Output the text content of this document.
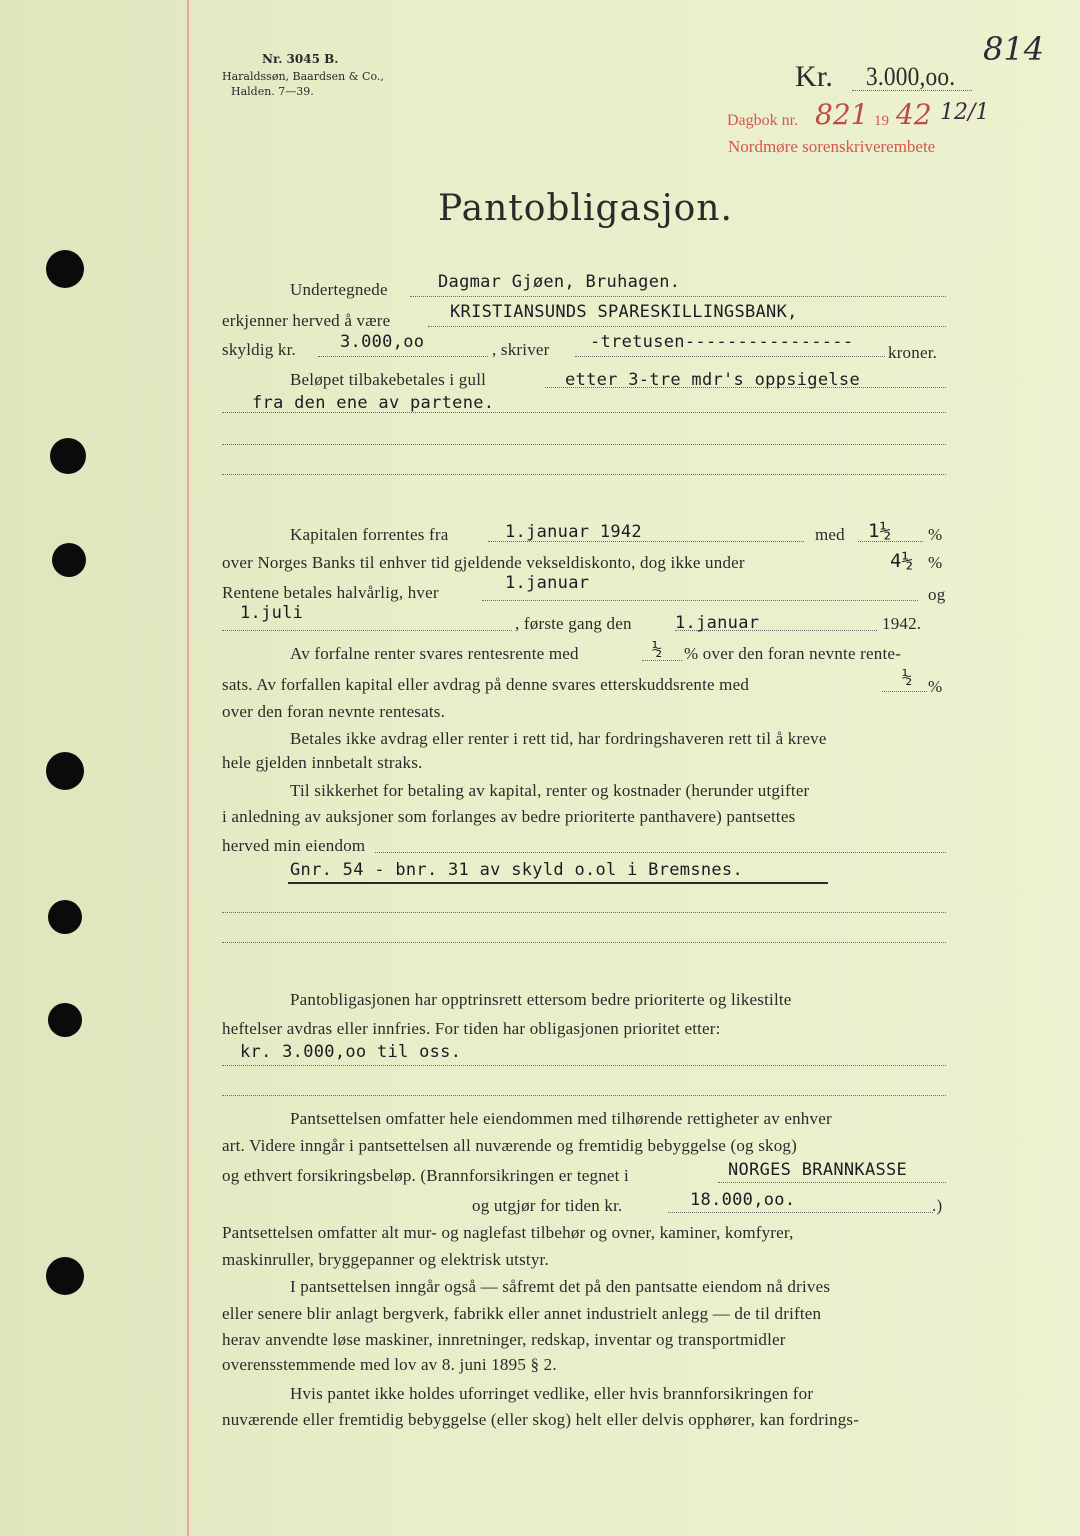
Nr. 3045 B.
Haraldssøn, Baardsen & Co.,
Halden. 7—39.	Kr. 3.000,oo.
814
Dagbok nr. 821 19 42 12/1
Nordmøre sorenskriverembete
Pantobligasjon.
Undertegnede	Dagmar Gjøen, Bruhagen.
erkjenner herved å være	KRISTIANSUNDS SPARESKILLINGSBANK,
skyldig kr.	3.000,oo	, skriver -tretusen----------------
kroner.
Beløpet tilbakebetales i gull	etter 3-tre mdr's oppsigelse
fra den ene av partene.
Kapitalen forrentes fra	1.januar 1942	med 1½ %
over Norges Banks til enhver tid gjeldende vekseldiskonto, dog ikke under	4½ %
Rentene betales halvårlig, hver	1.januar
og
1.juli
, første gang den	1.januar	1942.
Av forfalne renter svares rentesrente med	½ % over den foran nevnte rente-
sats. Av forfallen kapital eller avdrag på denne svares etterskuddsrente med	½ %
over den foran nevnte rentesats.
Betales ikke avdrag eller renter i rett tid, har fordringshaveren rett til å kreve
hele gjelden innbetalt straks.
Til sikkerhet for betaling av kapital, renter og kostnader (herunder utgifter
i anledning av auksjoner som forlanges av bedre prioriterte panthavere) pantsettes
herved min eiendom
Gnr. 54 - bnr. 31 av skyld o.ol i Bremsnes.
Pantobligasjonen har opptrinsrett ettersom bedre prioriterte og likestilte
heftelser avdras eller innfries. For tiden har obligasjonen prioritet etter:
kr. 3.000,oo til oss.
Pantsettelsen omfatter hele eiendommen med tilhørende rettigheter av enhver
art. Videre inngår i pantsettelsen all nuværende og fremtidig bebyggelse (og skog)
og ethvert forsikringsbeløp. (Brannforsikringen er tegnet i	NORGES BRANNKASSE
og utgjør for tiden kr.	18.000,oo.	.)
Pantsettelsen omfatter alt mur- og naglefast tilbehør og ovner, kaminer, komfyrer,
maskinruller, bryggepanner og elektrisk utstyr.
I pantsettelsen inngår også — såfremt det på den pantsatte eiendom nå drives
eller senere blir anlagt bergverk, fabrikk eller annet industrielt anlegg — de til driften
herav anvendte løse maskiner, innretninger, redskap, inventar og transportmidler
overensstemmende med lov av 8. juni 1895 § 2.
Hvis pantet ikke holdes uforringet vedlike, eller hvis brannforsikringen for
nuværende eller fremtidig bebyggelse (eller skog) helt eller delvis opphører, kan fordrings-
